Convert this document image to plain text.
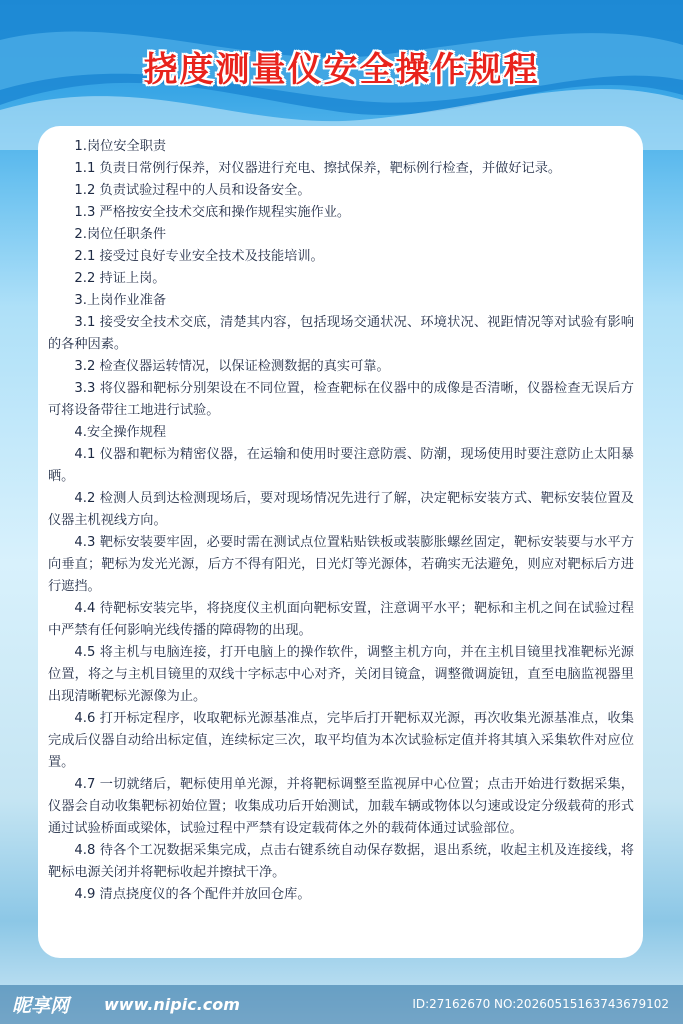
挠度测量仪安全操作规程

1.岗位安全职责

1.1 负责日常例行保养，对仪器进行充电、擦拭保养，靶标例行检查，并做好记录。

1.2 负责试验过程中的人员和设备安全。

1.3 严格按安全技术交底和操作规程实施作业。

2.岗位任职条件

2.1 接受过良好专业安全技术及技能培训。

2.2 持证上岗。

3.上岗作业准备

3.1 接受安全技术交底，清楚其内容，包括现场交通状况、环境状况、视距情况等对试验有影响的各种因素。

3.2 检查仪器运转情况，以保证检测数据的真实可靠。

3.3 将仪器和靶标分别架设在不同位置，检查靶标在仪器中的成像是否清晰，仪器检查无误后方可将设备带往工地进行试验。

4.安全操作规程

4.1 仪器和靶标为精密仪器，在运输和使用时要注意防震、防潮，现场使用时要注意防止太阳暴晒。

4.2 检测人员到达检测现场后，要对现场情况先进行了解，决定靶标安装方式、靶标安装位置及仪器主机视线方向。

4.3 靶标安装要牢固，必要时需在测试点位置粘贴铁板或装膨胀螺丝固定，靶标安装要与水平方向垂直；靶标为发光光源，后方不得有阳光，日光灯等光源体，若确实无法避免，则应对靶标后方进行遮挡。

4.4 待靶标安装完毕，将挠度仪主机面向靶标安置，注意调平水平；靶标和主机之间在试验过程中严禁有任何影响光线传播的障碍物的出现。

4.5 将主机与电脑连接，打开电脑上的操作软件，调整主机方向，并在主机目镜里找准靶标光源位置，将之与主机目镜里的双线十字标志中心对齐，关闭目镜盒，调整微调旋钮，直至电脑监视器里出现清晰靶标光源像为止。

4.6 打开标定程序，收取靶标光源基准点，完毕后打开靶标双光源，再次收集光源基准点，收集完成后仪器自动给出标定值，连续标定三次，取平均值为本次试验标定值并将其填入采集软件对应位置。

4.7 一切就绪后，靶标使用单光源，并将靶标调整至监视屏中心位置；点击开始进行数据采集，仪器会自动收集靶标初始位置；收集成功后开始测试，加载车辆或物体以匀速或设定分级载荷的形式通过试验桥面或梁体，试验过程中严禁有设定载荷体之外的载荷体通过试验部位。

4.8 待各个工况数据采集完成，点击右键系统自动保存数据，退出系统，收起主机及连接线，将靶标电源关闭并将靶标收起并擦拭干净。

4.9 清点挠度仪的各个配件并放回仓库。

昵享网 www.nipic.com	ID:27162670 NO:20260515163743679102
